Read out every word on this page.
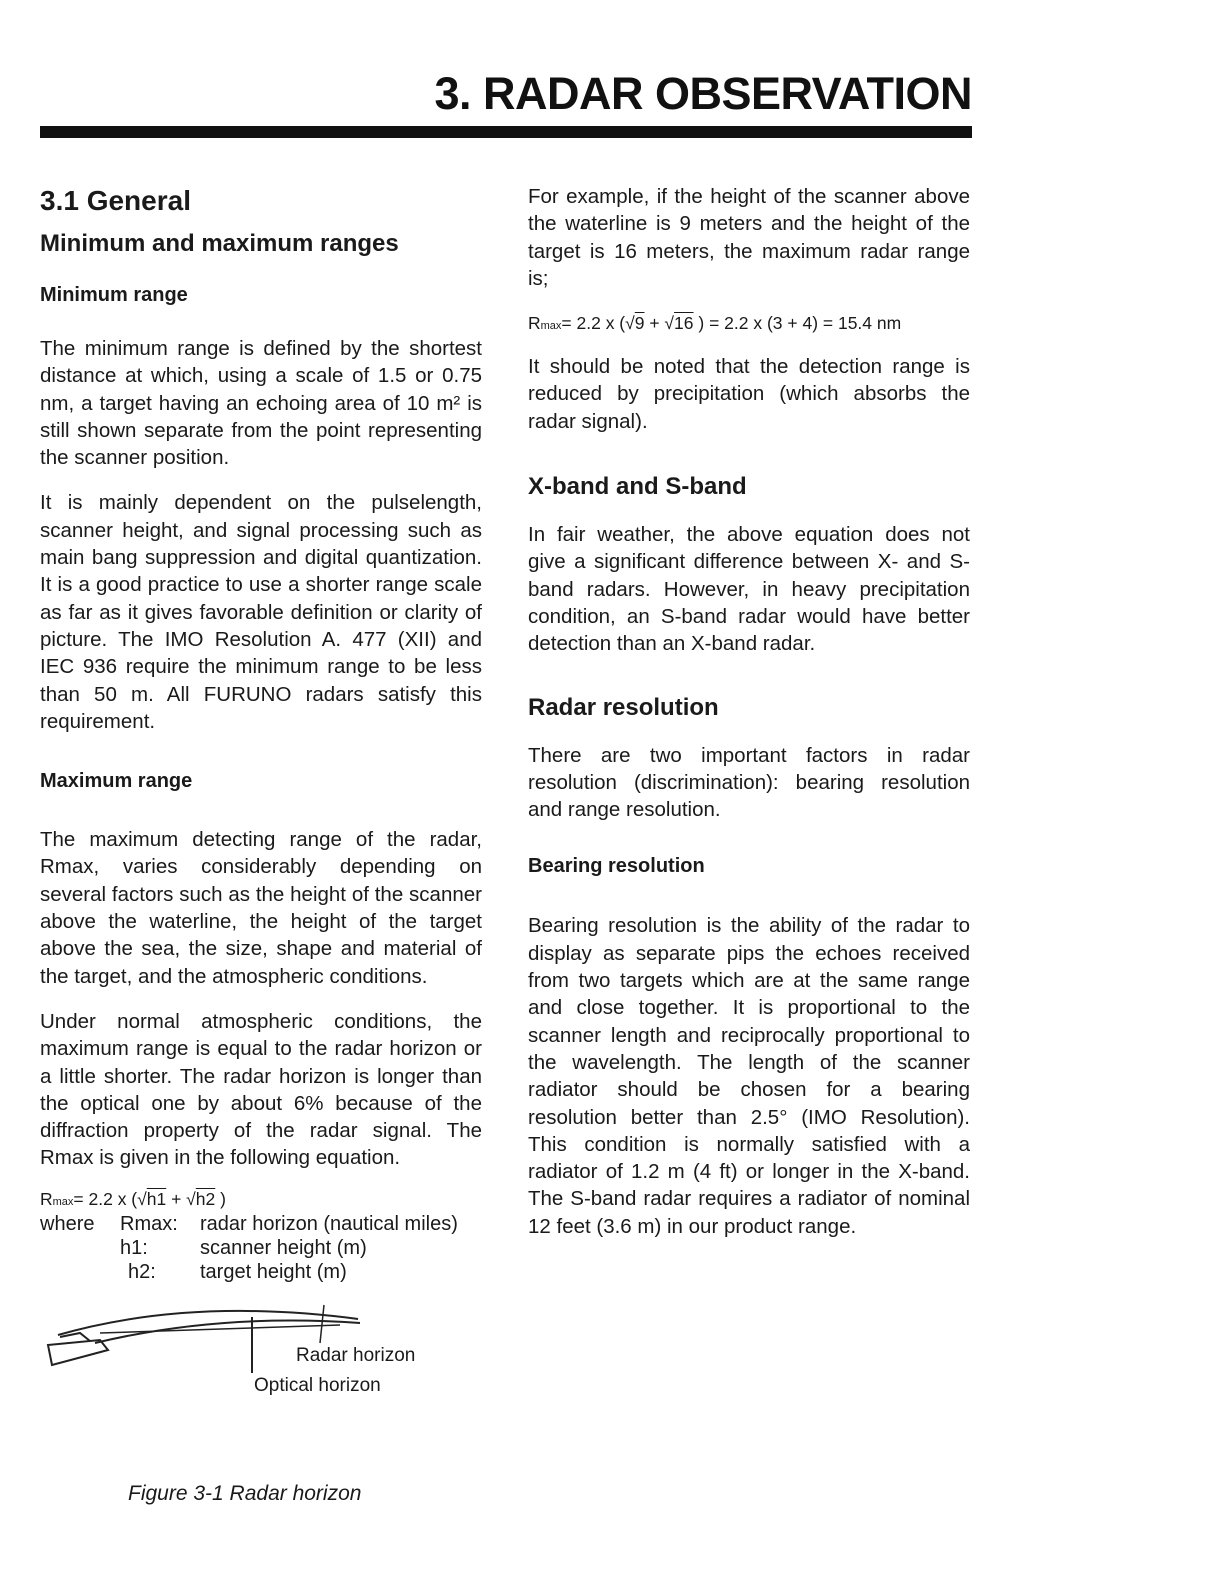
3. RADAR OBSERVATION
3.1 General
Minimum and maximum ranges
Minimum range

The minimum range is defined by the shortest distance at which, using a scale of 1.5 or 0.75 nm, a target having an echoing area of 10 m² is still shown separate from the point representing the scanner position.

It is mainly dependent on the pulselength, scanner height, and signal processing such as main bang suppression and digital quantization. It is a good practice to use a shorter range scale as far as it gives favorable definition or clarity of picture. The IMO Resolution A. 477 (XII) and IEC 936 require the minimum range to be less than 50 m. All FURUNO radars satisfy this requirement.

Maximum range

The maximum detecting range of the radar, Rmax, varies considerably depending on several factors such as the height of the scanner above the waterline, the height of the target above the sea, the size, shape and material of the target, and the atmospheric conditions.

Under normal atmospheric conditions, the maximum range is equal to the radar horizon or a little shorter. The radar horizon is longer than the optical one by about 6% because of the diffraction property of the radar signal. The Rmax is given in the following equation.

Rmax= 2.2 x (√h1 + √h2 )
where Rmax: radar horizon (nautical miles)
h1:	scanner height (m)
h2: target height (m)
Radar horizon
Optical horizon

Figure 3-1 Radar horizon

For example, if the height of the scanner above the waterline is 9 meters and the height of the target is 16 meters, the maximum radar range is;

Rmax= 2.2 x (√9 + √16 ) = 2.2 x (3 + 4) = 15.4 nm

It should be noted that the detection range is reduced by precipitation (which absorbs the radar signal).

X-band and S-band

In fair weather, the above equation does not give a significant difference between X- and S-band radars. However, in heavy precipitation condition, an S-band radar would have better detection than an X-band radar.

Radar resolution

There are two important factors in radar resolution (discrimination): bearing resolution and range resolution.

Bearing resolution

Bearing resolution is the ability of the radar to display as separate pips the echoes received from two targets which are at the same range and close together. It is proportional to the scanner length and reciprocally proportional to the wavelength. The length of the scanner radiator should be chosen for a bearing resolution better than 2.5° (IMO Resolution). This condition is normally satisfied with a radiator of 1.2 m (4 ft) or longer in the X-band. The S-band radar requires a radiator of nominal 12 feet (3.6 m) in our product range.
